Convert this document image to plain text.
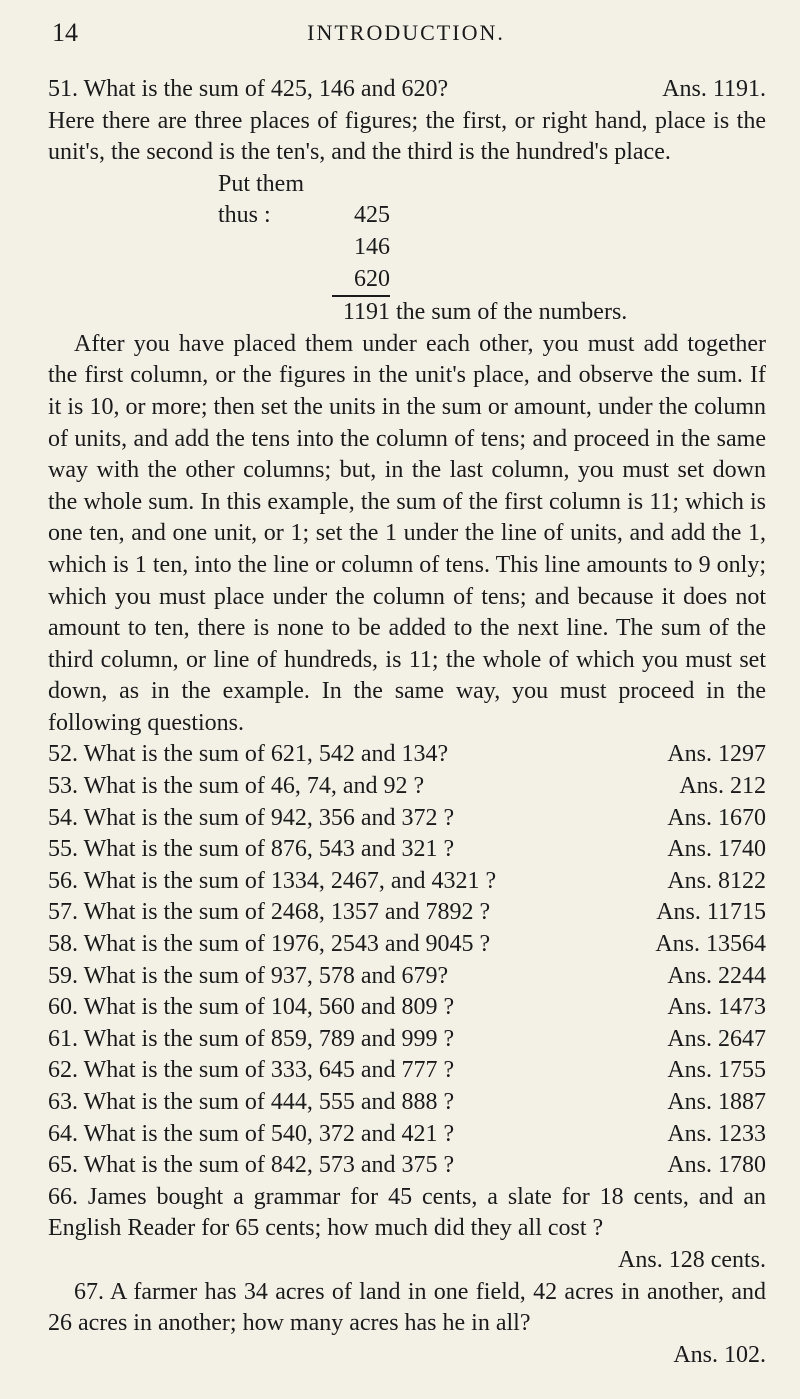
14	INTRODUCTION.
51. What is the sum of 425, 146 and 620?	Ans. 1191.
Here there are three places of figures; the first, or right hand, place is the unit's, the second is the ten's, and the third is the hundred's place.
Put them thus :	425
146
620
1191 the sum of the numbers.
After you have placed them under each other, you must add together the first column, or the figures in the unit's place, and observe the sum. If it is 10, or more; then set the units in the sum or amount, under the column of units, and add the tens into the column of tens; and proceed in the same way with the other columns; but, in the last column, you must set down the whole sum. In this example, the sum of the first column is 11; which is one ten, and one unit, or 1; set the 1 under the line of units, and add the 1, which is 1 ten, into the line or column of tens. This line amounts to 9 only; which you must place under the column of tens; and because it does not amount to ten, there is none to be added to the next line. The sum of the third column, or line of hundreds, is 11; the whole of which you must set down, as in the example. In the same way, you must proceed in the following questions.
52. What is the sum of 621, 542 and 134?	Ans. 1297
53. What is the sum of 46, 74, and 92 ?	Ans. 212
54. What is the sum of 942, 356 and 372 ?	Ans. 1670
55. What is the sum of 876, 543 and 321 ?	Ans. 1740
56. What is the sum of 1334, 2467, and 4321 ?	Ans. 8122
57. What is the sum of 2468, 1357 and 7892 ?	Ans. 11715
58. What is the sum of 1976, 2543 and 9045 ?	Ans. 13564
59. What is the sum of 937, 578 and 679?	Ans. 2244
60. What is the sum of 104, 560 and 809 ?	Ans. 1473
61. What is the sum of 859, 789 and 999 ?	Ans. 2647
62. What is the sum of 333, 645 and 777 ?	Ans. 1755
63. What is the sum of 444, 555 and 888 ?	Ans. 1887
64. What is the sum of 540, 372 and 421 ?	Ans. 1233
65. What is the sum of 842, 573 and 375 ?	Ans. 1780
66. James bought a grammar for 45 cents, a slate for 18 cents, and an English Reader for 65 cents; how much did they all cost ?
Ans. 128 cents.
67. A farmer has 34 acres of land in one field, 42 acres in another, and 26 acres in another; how many acres has he in all?
Ans. 102.
